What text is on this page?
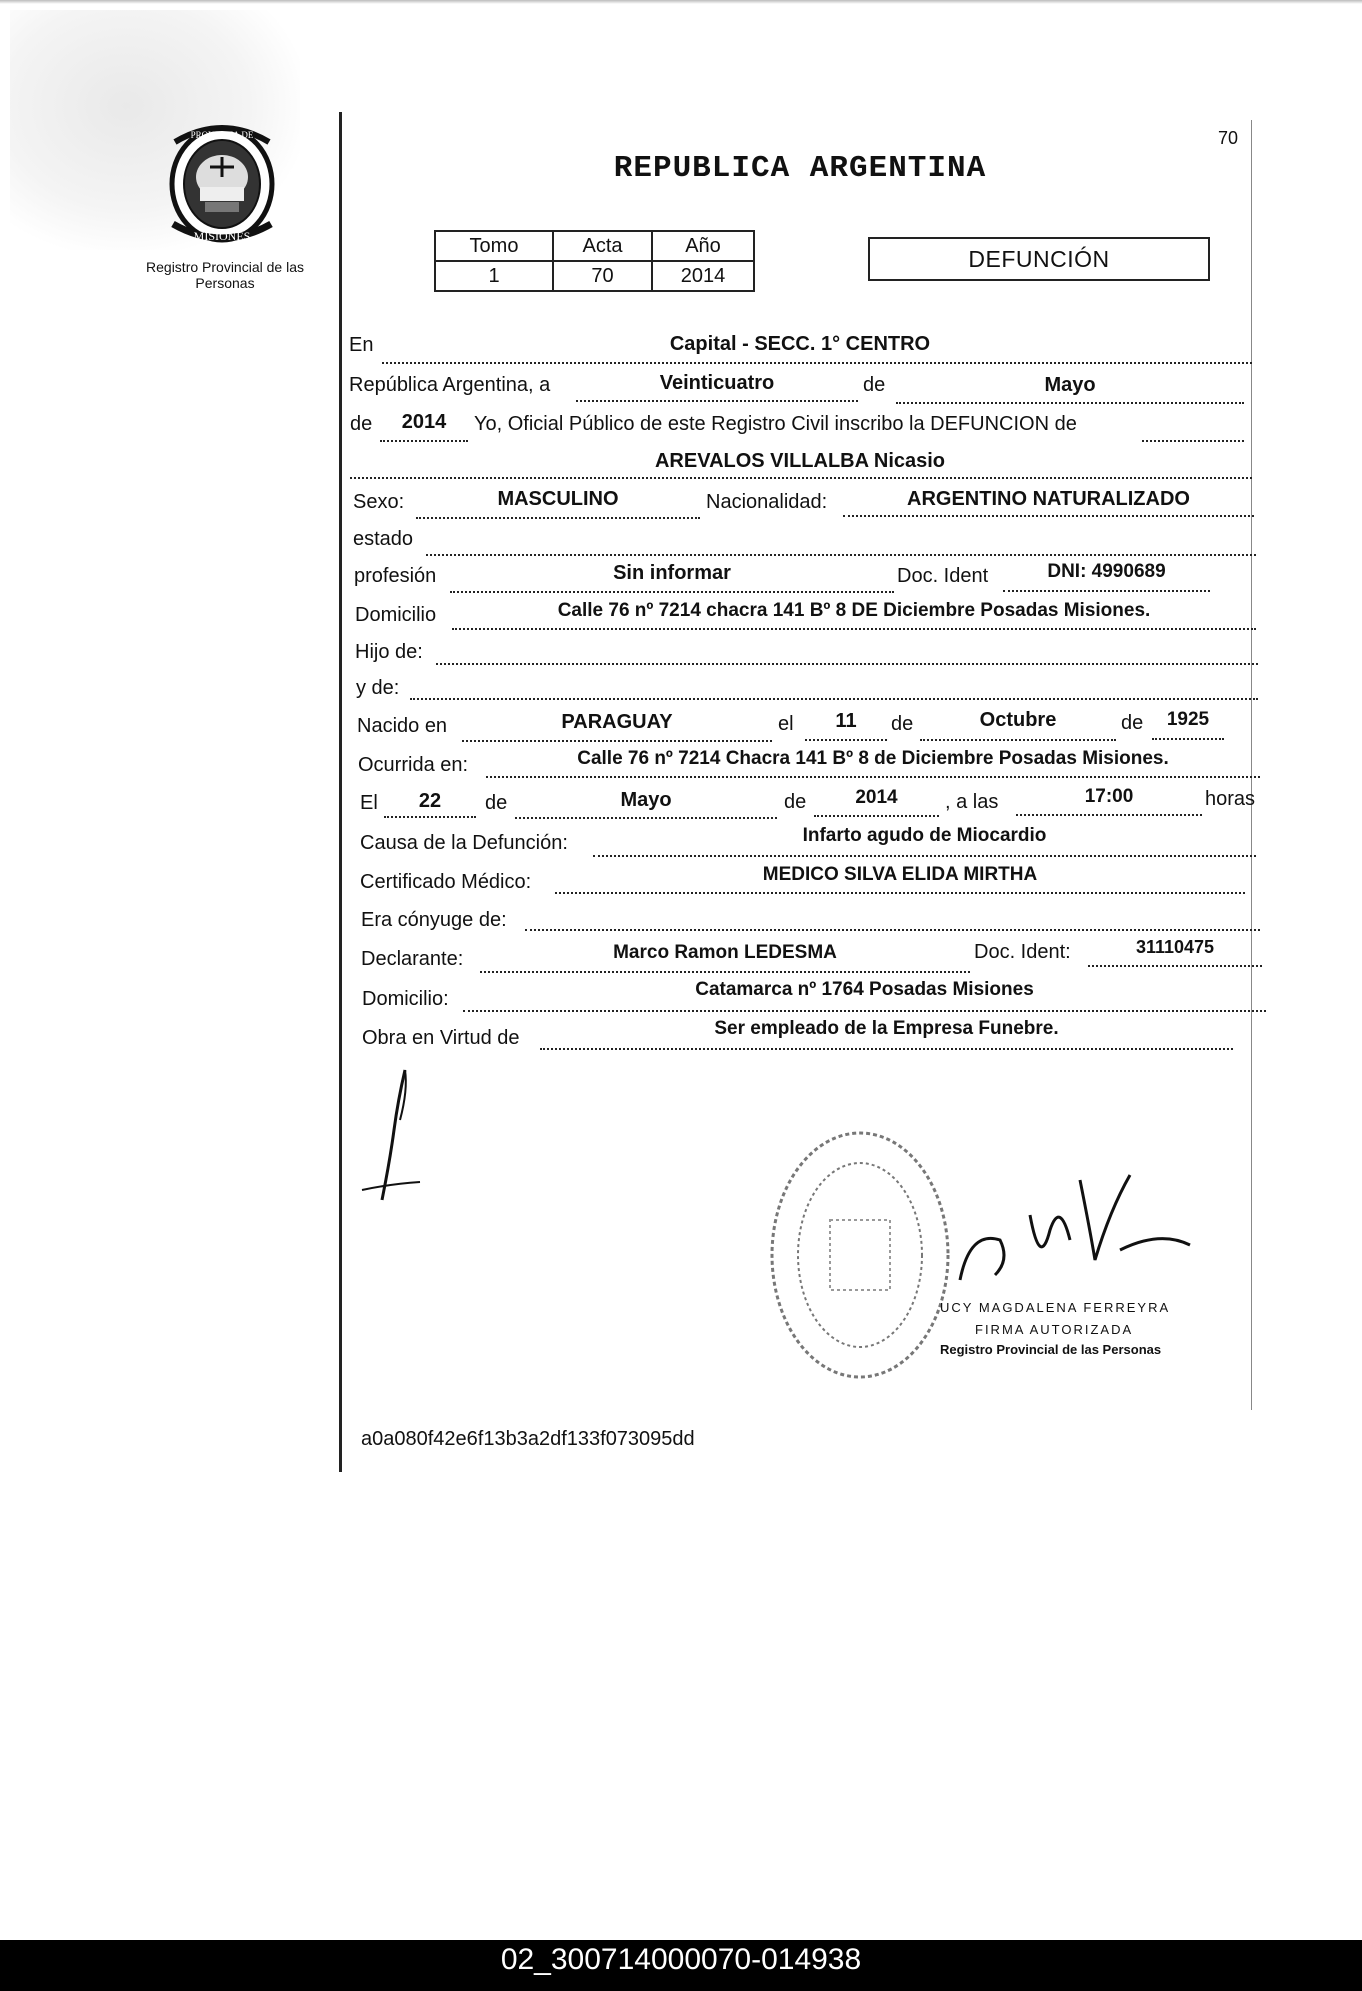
PROVINCIA DE
MISIONES
Registro Provincial de las Personas
70
REPUBLICA ARGENTINA
Tomo	Acta	Año
1	70	2014
DEFUNCIÓN
En	Capital - SECC. 1° CENTRO
República Argentina, a	Veinticuatro	de	Mayo
de	2014	Yo, Oficial Público de este Registro Civil inscribo la DEFUNCION de
AREVALOS VILLALBA Nicasio
Sexo:	MASCULINO	Nacionalidad:	ARGENTINO NATURALIZADO
estado
profesión	Sin informar	Doc. Ident	DNI: 4990689
Domicilio	Calle 76 nº 7214 chacra 141 Bº 8 DE Diciembre Posadas Misiones.
Hijo de:
y de:
Nacido en	PARAGUAY	el	11	de	Octubre	de	1925
Ocurrida en:	Calle 76 nº 7214 Chacra 141 Bº 8 de Diciembre Posadas Misiones.
El	22	de	Mayo	de	2014	, a las	17:00	horas
Causa de la Defunción:	Infarto agudo de Miocardio
Certificado Médico:	MEDICO SILVA ELIDA MIRTHA
Era cónyuge de:
Declarante:	Marco Ramon LEDESMA	Doc. Ident:	31110475
Domicilio:	Catamarca nº 1764 Posadas Misiones
Obra en Virtud de	Ser empleado de la Empresa Funebre.
UCY MAGDALENA FERREYRA
FIRMA AUTORIZADA
Registro Provincial de las Personas
a0a080f42e6f13b3a2df133f073095dd
02_300714000070-014938
